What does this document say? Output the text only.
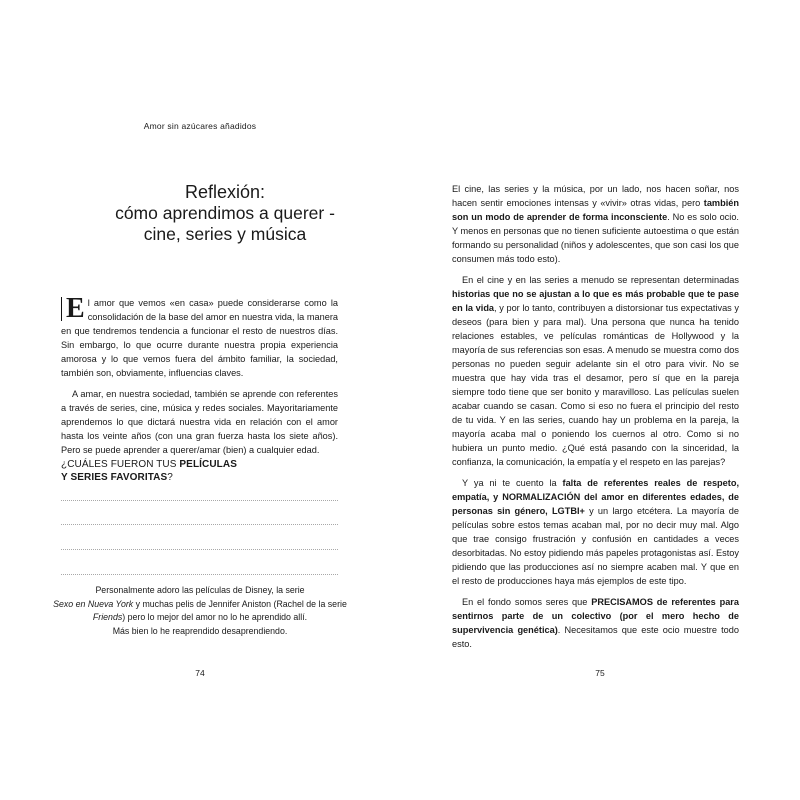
Amor sin azúcares añadidos
Reflexión:
cómo aprendimos a querer -
cine, series y música

E l amor que vemos «en casa» puede considerarse como la consolidación de la base del amor en nuestra vida, la manera en que tendremos tendencia a funcionar el resto de nuestros días. Sin embargo, lo que ocurre durante nuestra propia experiencia amorosa y lo que vemos fuera del ámbito familiar, la sociedad, también son, obviamente, influencias claves.

A amar, en nuestra sociedad, también se aprende con referentes a través de series, cine, música y redes sociales. Mayoritariamente aprendemos lo que dictará nuestra vida en relación con el amor hasta los veinte años (con una gran fuerza hasta los siete años). Pero se puede aprender a querer/amar (bien) a cualquier edad.

¿CUÁLES FUERON TUS PELÍCULAS
Y SERIES FAVORITAS?
Personalmente adoro las películas de Disney, la serie
Sexo en Nueva York y muchas pelis de Jennifer Aniston (Rachel de la serie Friends) pero lo mejor del amor no lo he aprendido allí.
Más bien lo he reaprendido desaprendiendo.
74

El cine, las series y la música, por un lado, nos hacen soñar, nos hacen sentir emociones intensas y «vivir» otras vidas, pero también son un modo de aprender de forma inconsciente. No es solo ocio. Y menos en personas que no tienen suficiente autoestima o que están formando su personalidad (niños y adolescentes, que son casi los que consumen más todo esto).

En el cine y en las series a menudo se representan determinadas historias que no se ajustan a lo que es más probable que te pase en la vida, y por lo tanto, contribuyen a distorsionar tus expectativas y deseos (para bien y para mal). Una persona que nunca ha tenido relaciones estables, ve películas románticas de Hollywood y la mayoría de sus referencias son esas. A menudo se muestra como dos personas no pueden seguir adelante sin el otro para vivir. No se muestra que hay vida tras el desamor, pero sí que en la pareja siempre todo tiene que ser bonito y maravilloso. Las películas suelen acabar cuando se casan. Como si eso no fuera el principio del resto de tu vida. Y en las series, cuando hay un problema en la pareja, la mayoría acaba mal o poniendo los cuernos al otro. Como si no hubiera un punto medio. ¿Qué está pasando con la sinceridad, la confianza, la comunicación, la empatía y el respeto en las parejas?

Y ya ni te cuento la falta de referentes reales de respeto, empatía, y NORMALIZACIÓN del amor en diferentes edades, de personas sin género, LGTBI+ y un largo etcétera. La mayoría de películas sobre estos temas acaban mal, por no decir muy mal. Algo que trae consigo frustración y confusión en cantidades a veces desorbitadas. No estoy pidiendo más papeles protagonistas así. Estoy pidiendo que las producciones así no siempre acaben mal. Y que en el resto de producciones haya más ejemplos de este tipo.

En el fondo somos seres que PRECISAMOS de referentes para sentirnos parte de un colectivo (por el mero hecho de supervivencia genética). Necesitamos que este ocio muestre todo esto.

75
